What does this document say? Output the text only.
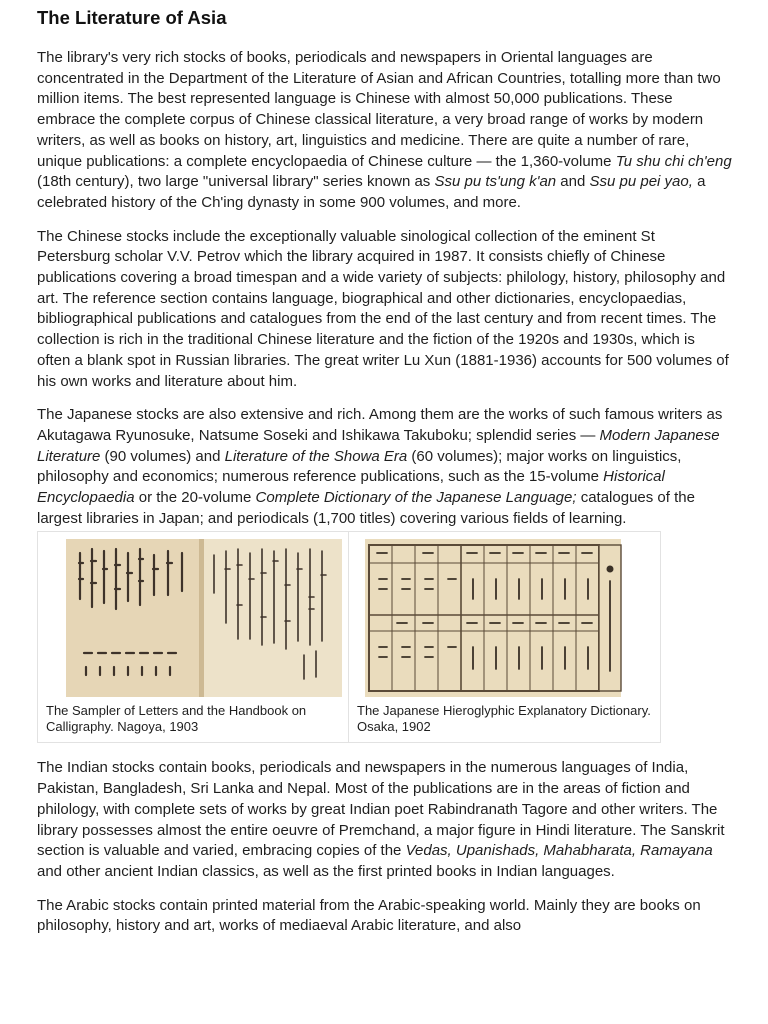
The Literature of Asia

The library's very rich stocks of books, periodicals and newspapers in Oriental languages are concentrated in the Department of the Literature of Asian and African Countries, totalling more than two million items. The best represented language is Chinese with almost 50,000 publications. These embrace the complete corpus of Chinese classical literature, a very broad range of works by modern writers, as well as books on history, art, linguistics and medicine. There are quite a number of rare, unique publications: a complete encyclopaedia of Chinese culture — the 1,360-volume Tu shu chi ch'eng (18th century), two large "universal library" series known as Ssu pu ts'ung k'an and Ssu pu pei yao, a celebrated history of the Ch'ing dynasty in some 900 volumes, and more.

The Chinese stocks include the exceptionally valuable sinological collection of the eminent St Petersburg scholar V.V. Petrov which the library acquired in 1987. It consists chiefly of Chinese publications covering a broad timespan and a wide variety of subjects: philology, history, philosophy and art. The reference section contains language, biographical and other dictionaries, encyclopaedias, bibliographical publications and catalogues from the end of the last century and from recent times. The collection is rich in the traditional Chinese literature and the fiction of the 1920s and 1930s, which is often a blank spot in Russian libraries. The great writer Lu Xun (1881-1936) accounts for 500 volumes of his own works and literature about him.

The Japanese stocks are also extensive and rich. Among them are the works of such famous writers as Akutagawa Ryunosuke, Natsume Soseki and Ishikawa Takuboku; splendid series — Modern Japanese Literature (90 volumes) and Literature of the Showa Era (60 volumes); major works on linguistics, philosophy and economics; numerous reference publications, such as the 15-volume Historical Encyclopaedia or the 20-volume Complete Dictionary of the Japanese Language; catalogues of the largest libraries in Japan; and periodicals (1,700 titles) covering various fields of learning.

The Sampler of Letters and the Handbook on Calligraphy. Nagoya, 1903
The Japanese Hieroglyphic Explanatory Dictionary. Osaka, 1902

The Indian stocks contain books, periodicals and newspapers in the numerous languages of India, Pakistan, Bangladesh, Sri Lanka and Nepal. Most of the publications are in the areas of fiction and philology, with complete sets of works by great Indian poet Rabindranath Tagore and other writers. The library possesses almost the entire oeuvre of Premchand, a major figure in Hindi literature. The Sanskrit section is valuable and varied, embracing copies of the Vedas, Upanishads, Mahabharata, Ramayana and other ancient Indian classics, as well as the first printed books in Indian languages.

The Arabic stocks contain printed material from the Arabic-speaking world. Mainly they are books on philosophy, history and art, works of mediaeval Arabic literature, and also
